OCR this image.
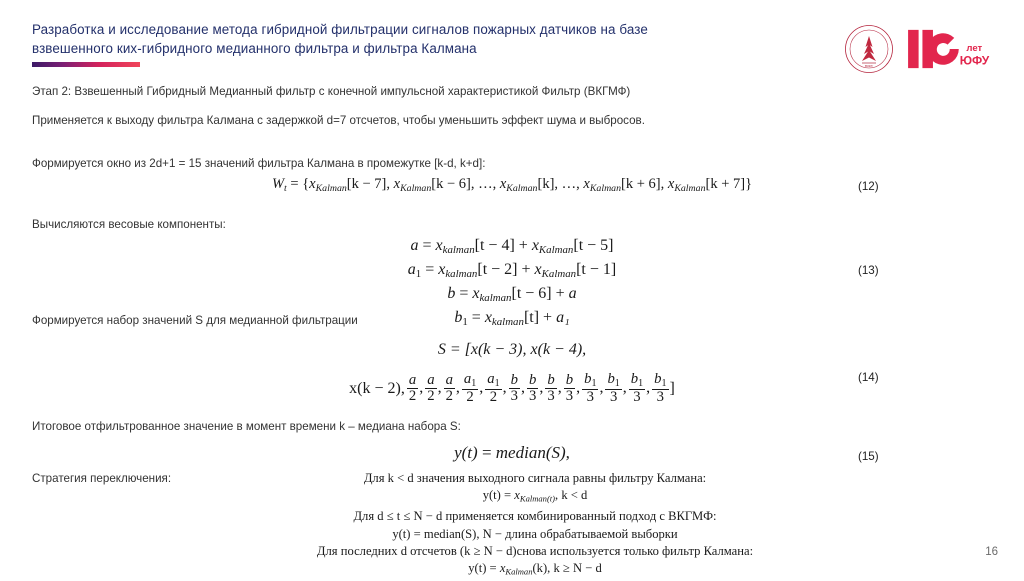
Разработка и исследование метода гибридной фильтрации сигналов пожарных датчиков на базе
взвешенного ких-гибридного медианного фильтра и фильтра Калмана
ЮФУ
лет
ЮФУ
Этап 2: Взвешенный Гибридный Медианный фильтр с конечной импульсной характеристикой Фильтр (ВКГМФ)
Применяется к выходу фильтра Калмана с задержкой d=7 отсчетов, чтобы уменьшить эффект шума и выбросов.
Формируется окно из 2d+1 = 15 значений фильтра Калмана в промежутке [k-d, k+d]:
Вычисляются весовые компоненты:
Формируется набор значений S для медианной фильтрации
Итоговое отфильтрованное значение в момент времени k – медиана набора S:
Стратегия переключения:
$W_t = \{x_{Kalman}[k - 7]$, $x_{Kalman}[k - 6]$, …, $x_{Kalman}[k]$, …, $x_{Kalman}[k + 6]$, $x_{Kalman}[k + 7]$}	(12)
$a = x_{kalman}[t - 4] + x_{Kalman}[t - 5]$
$a1 = x_{kalman}[t - 2] + x_{Kalman}[t - 1]$
$b = x_{kalman}[t - 6] + a$
$b1 = x_{kalman}[t] + a_1$
(13)
S = [x(k − 3), x(k − 4),
x(k − 2), $\frac{a}{2}$ , $\frac{a}{2}$ , $\frac{a}{2}$ , $\frac{a1}{2}$ , $\frac{a1}{2}$ , $\frac{b}{3}$ , $\frac{b}{3}$ , $\frac{b}{3}$ , $\frac{b}{3}$ , $\frac{b1}{3}$ , $\frac{b1}{3}$ , $\frac{b1}{3}$ , $\frac{b1}{3}$ ]
(14)
y(t) = median(S),	(15)
Для k < d значения выходного сигнала равны фильтру Калмана:
$y(t) = x_{Kalman(t)}$, k < d
Для d ≤ t ≤ N − d применяется комбинированный подход с ВКГМФ:
y(t) = median(S), N − длина обрабатываемой выборки
Для последних d отсчетов (k ≥ N − d)снова используется только фильтр Калмана:
$y(t) = x_{Kalman}(k)$, k ≥ N − d
16
